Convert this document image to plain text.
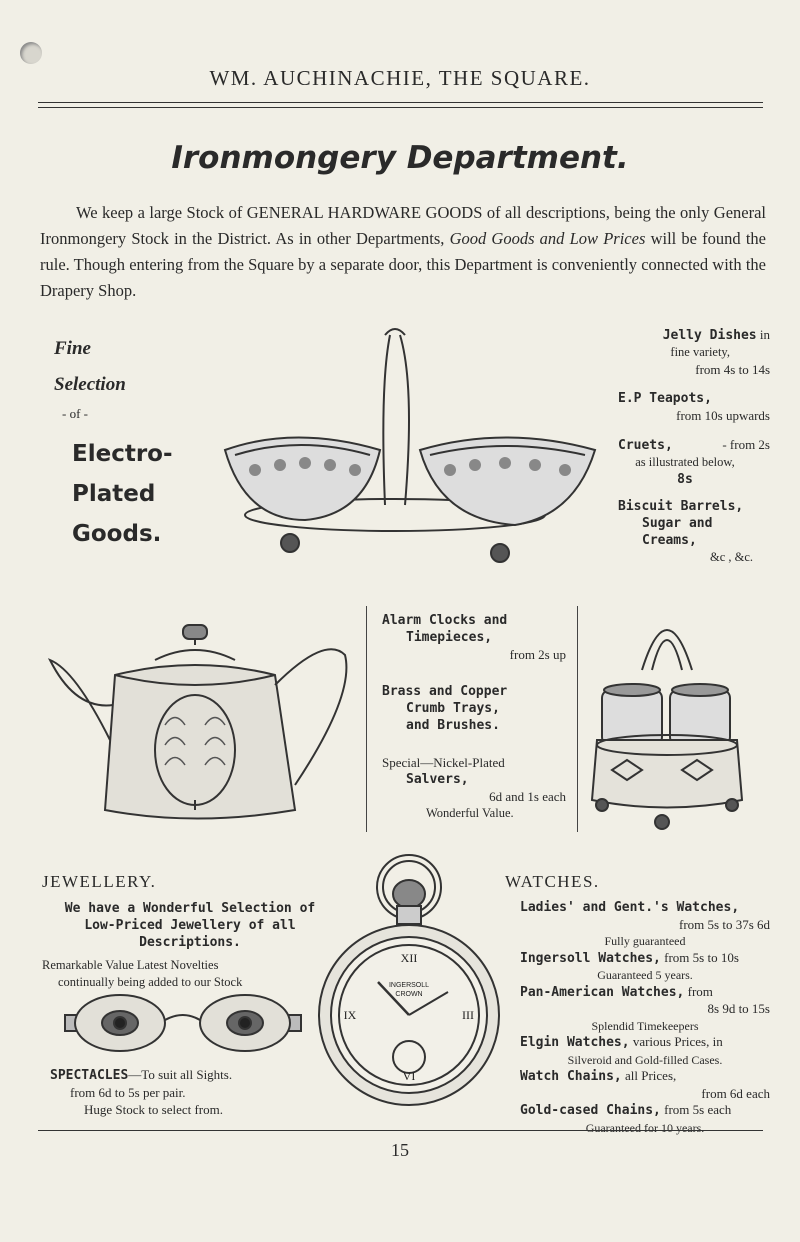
WM. AUCHINACHIE, THE SQUARE.
Ironmongery Department.

We keep a large Stock of GENERAL HARDWARE GOODS of all descriptions, being the only General Ironmongery Stock in the District. As in other Departments, Good Goods and Low Prices will be found the rule. Though entering from the Square by a separate door, this Department is conveniently connected with the Drapery Shop.

Fine
Selection
- of -
Electro-
Plated
Goods.
Jelly Dishes in
fine variety,
from 4s to 14s
E.P Teapots,
from 10s upwards
Cruets,	- from 2s
as illustrated below,
8s
Biscuit Barrels,
Sugar and
Creams,
&c , &c.
Alarm Clocks and
Timepieces,
from 2s up
Brass and Copper
Crumb Trays,
and Brushes.
Special—Nickel-Plated
Salvers,
6d and 1s each
Wonderful Value.
JEWELLERY.
We have a Wonderful Selection of
Low-Priced Jewellery of all
Descriptions.
Remarkable Value Latest Novelties
continually being added to our Stock
SPECTACLES—To suit all Sights.
from 6d to 5s per pair.
Huge Stock to select from.
XII
VI
III
IX
INGERSOLL
CROWN
WATCHES.
Ladies' and Gent.'s Watches,
from 5s to 37s 6d
Fully guaranteed
Ingersoll Watches, from 5s to 10s
Guaranteed 5 years.
Pan-American Watches, from
8s 9d to 15s
Splendid Timekeepers
Elgin Watches, various Prices, in
Silveroid and Gold-filled Cases.
Watch Chains, all Prices,
from 6d each
Gold-cased Chains, from 5s each
Guaranteed for 10 years.
15
